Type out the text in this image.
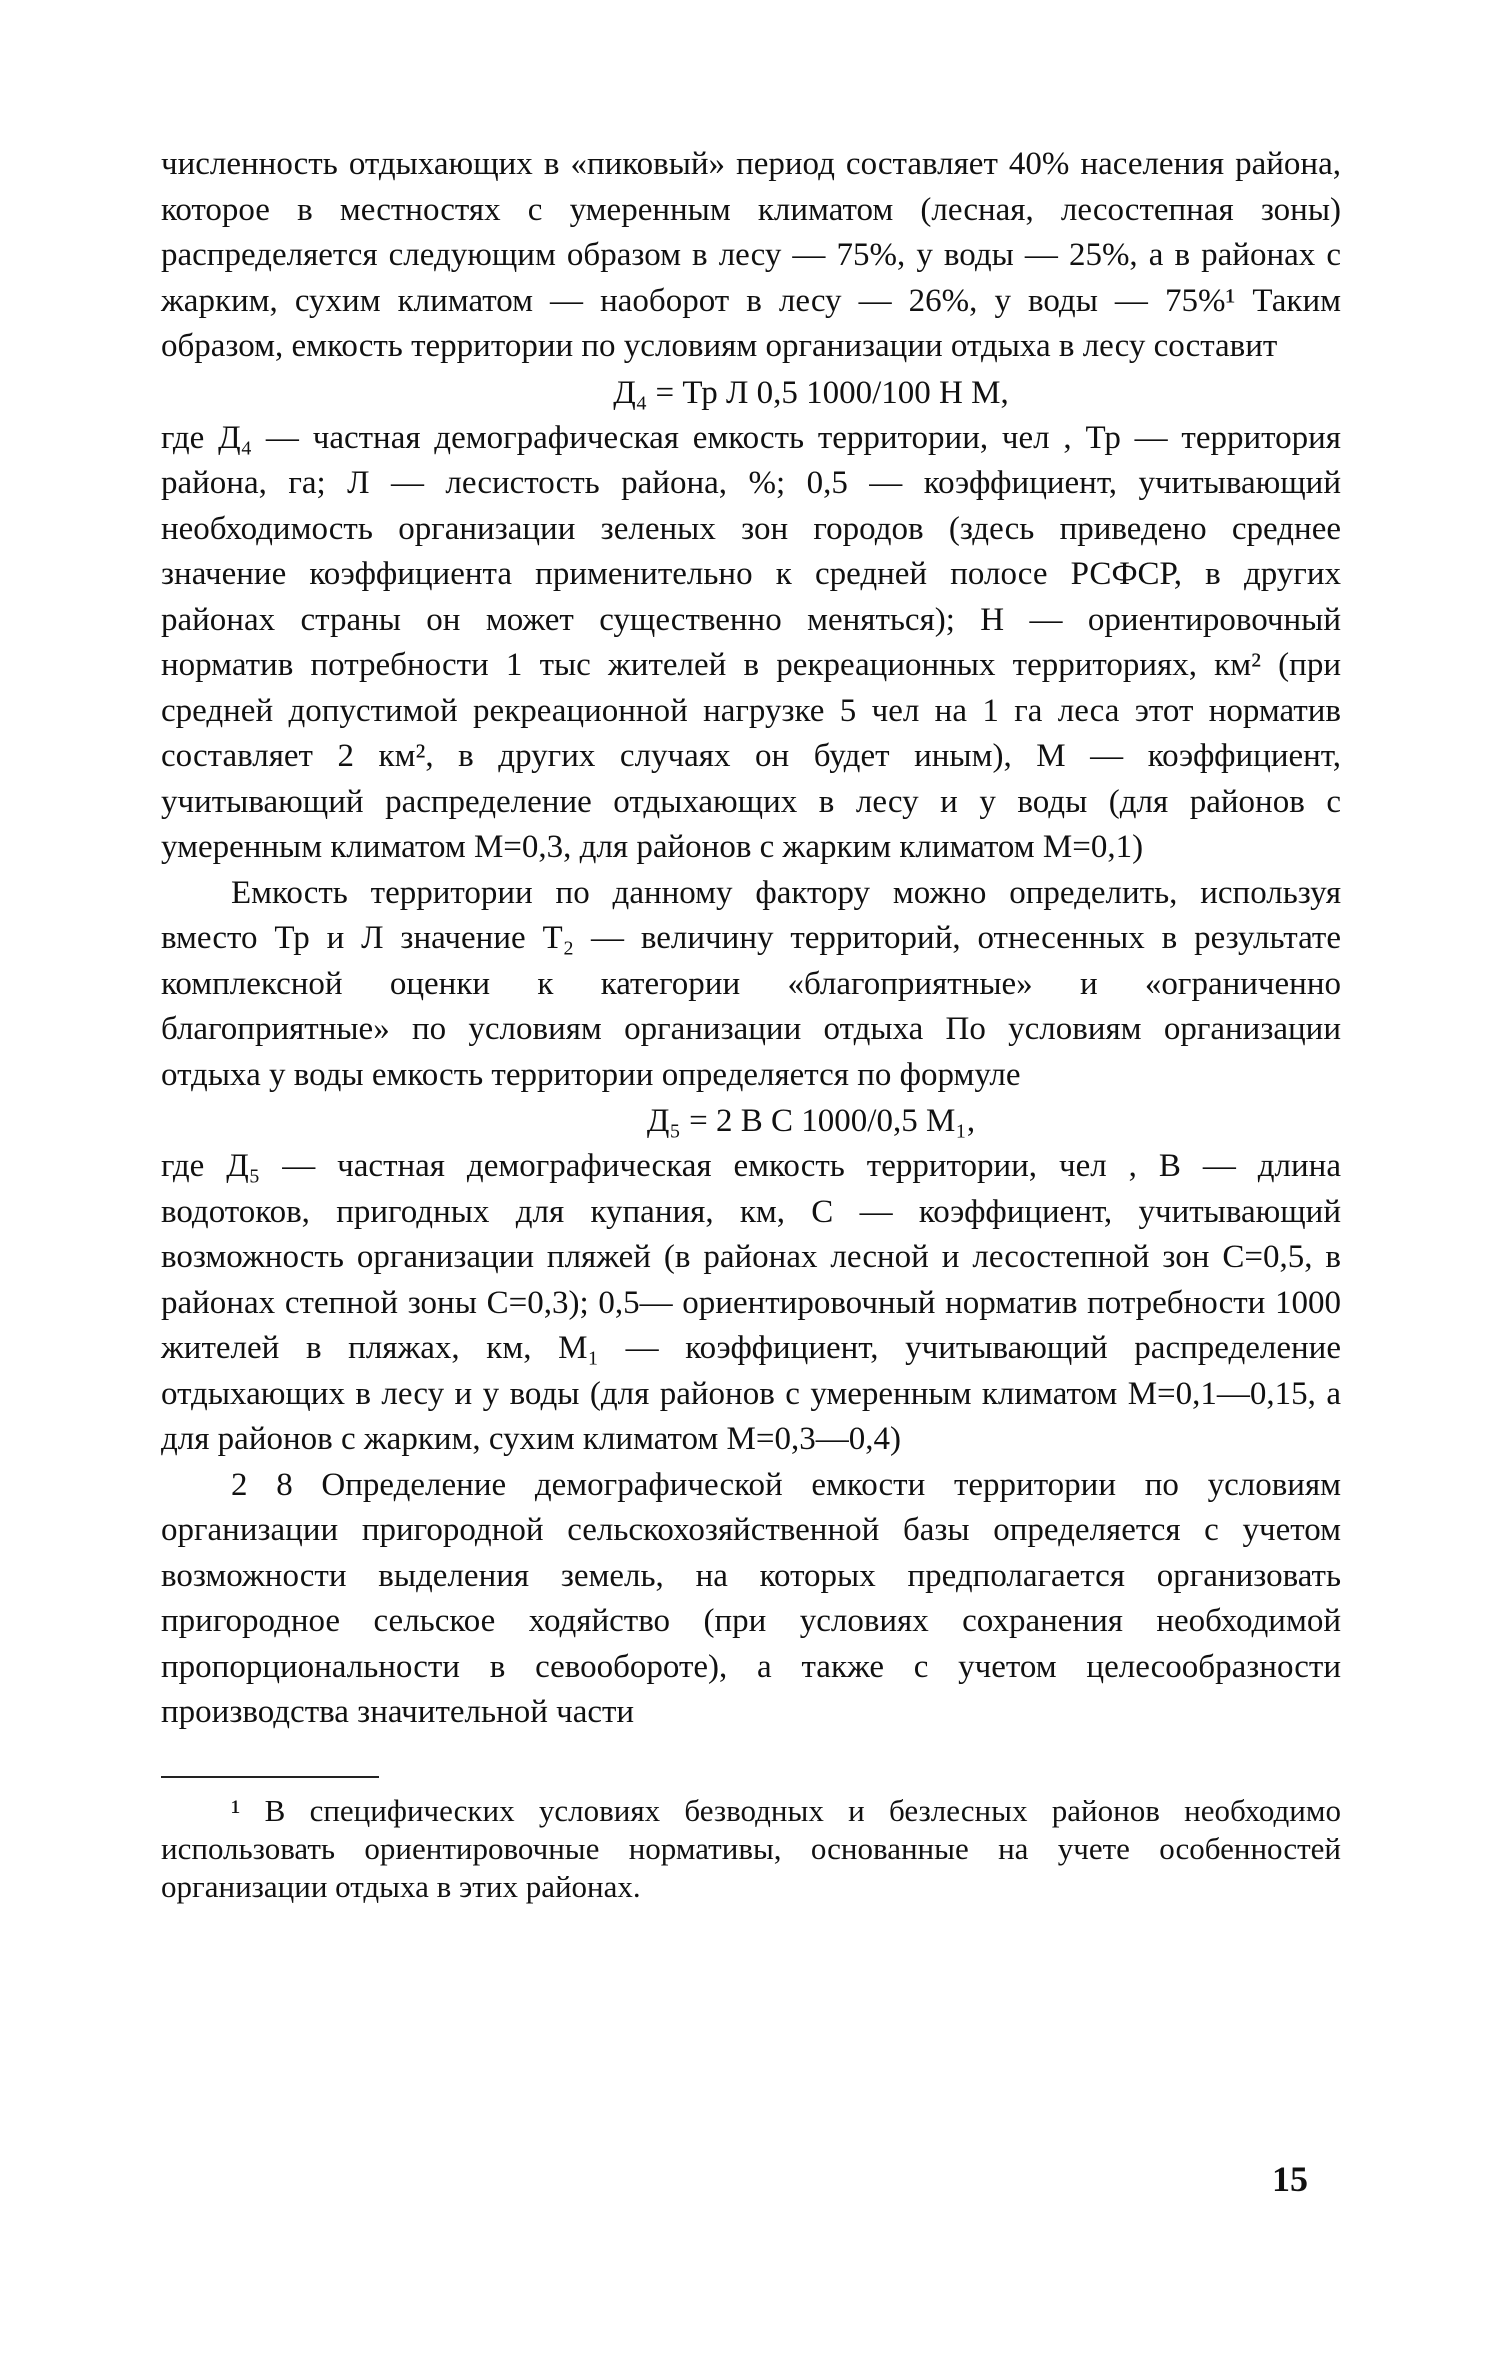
численность отдыхающих в «пиковый» период составляет 40% населения района, которое в местностях с умеренным климатом (лесная, лесостепная зоны) распределяется следующим образом в лесу — 75%, у воды — 25%, а в районах с жарким, сухим климатом — наоборот в лесу — 26%, у воды — 75%¹ Таким образом, емкость территории по условиям организации отдыха в лесу составит

Д₄ = Тр Л 0,5 1000/100 Н М,

где Д₄ — частная демографическая емкость территории, чел , Тр — территория района, га; Л — лесистость района, %; 0,5 — коэффициент, учитывающий необходимость организации зеленых зон городов (здесь приведено среднее значение коэффициента применительно к средней полосе РСФСР, в других районах страны он может существенно меняться); Н — ориентировочный норматив потребности 1 тыс жителей в рекреационных территориях, км² (при средней допустимой рекреационной нагрузке 5 чел на 1 га леса этот норматив составляет 2 км², в других случаях он будет иным), М — коэффициент, учитывающий распределение отдыхающих в лесу и у воды (для районов с умеренным климатом М=0,3, для районов с жарким климатом М=0,1)

Емкость территории по данному фактору можно определить, используя вместо Тр и Л значение Т₂ — величину территорий, отнесенных в результате комплексной оценки к категории «благоприятные» и «ограниченно благоприятные» по условиям организации отдыха По условиям организации отдыха у воды емкость территории определяется по формуле

Д₅ = 2 В С 1000/0,5 М₁,

где Д₅ — частная демографическая емкость территории, чел , В — длина водотоков, пригодных для купания, км, С — коэффициент, учитывающий возможность организации пляжей (в районах лесной и лесостепной зон С=0,5, в районах степной зоны С=0,3); 0,5— ориентировочный норматив потребности 1000 жителей в пляжах, км, М₁ — коэффициент, учитывающий распределение отдыхающих в лесу и у воды (для районов с умеренным климатом М=0,1—0,15, а для районов с жарким, сухим климатом М=0,3—0,4)

2 8 Определение демографической емкости территории по условиям организации пригородной сельскохозяйственной базы определяется с учетом возможности выделения земель, на которых предполагается организовать пригородное сельское ходяйство (при условиях сохранения необходимой пропорциональности в севообороте), а также с учетом целесообразности производства значительной части

¹ В специфических условиях безводных и безлесных районов необходимо использовать ориентировочные нормативы, основанные на учете особенностей организации отдыха в этих районах.

15
